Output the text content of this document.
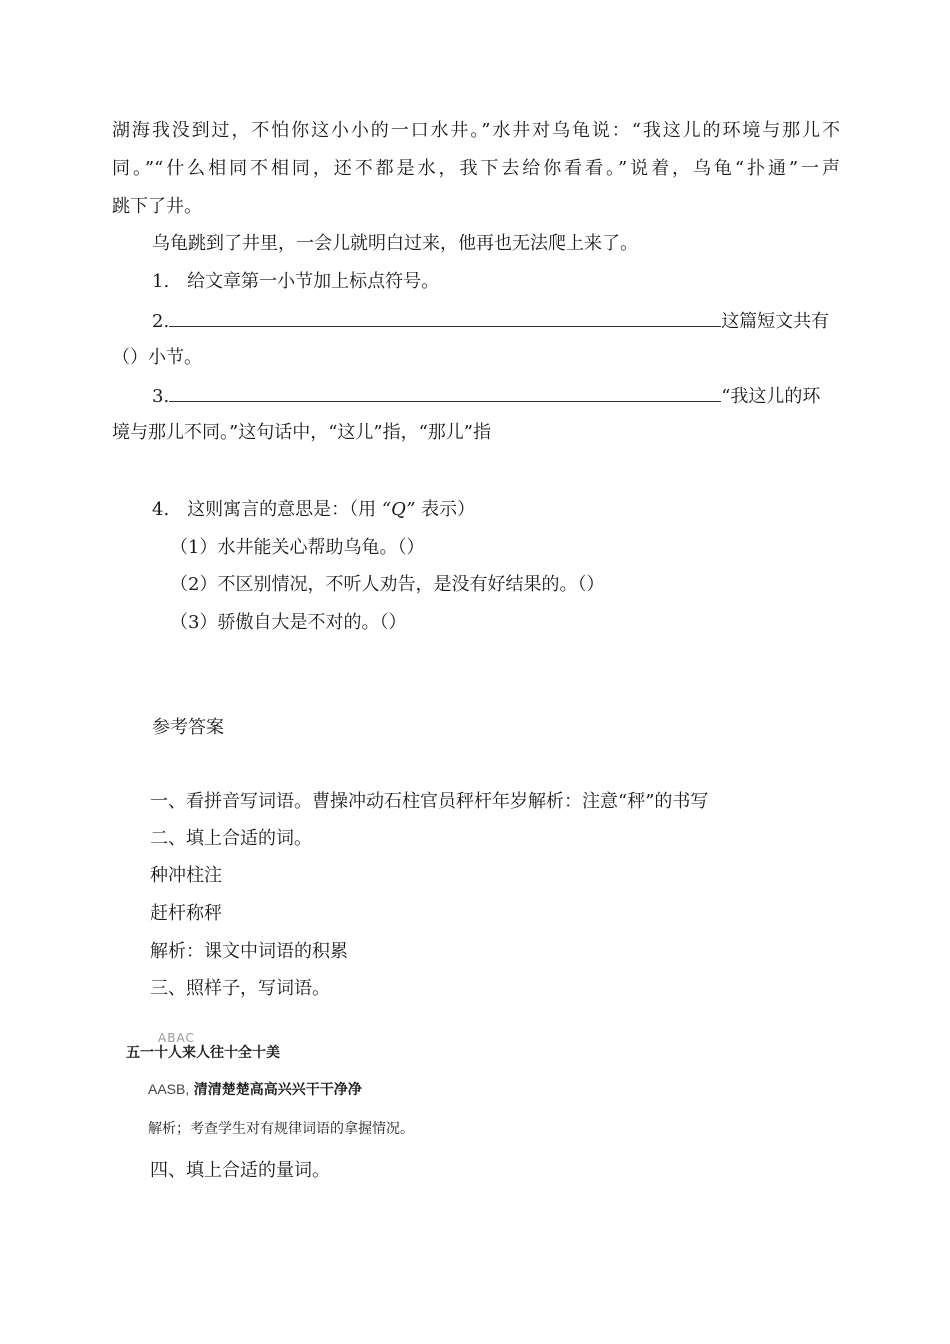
湖海我没到过，不怕你这小小的一口水井。”水井对乌龟说：“我这儿的环境与那儿不
同。”“什么相同不相同，还不都是水，我下去给你看看。”说着，乌龟“扑通”一声
跳下了井。
乌龟跳到了井里，一会儿就明白过来，他再也无法爬上来了。
1.　给文章第一小节加上标点符号。
2.	这篇短文共有
（）小节。
3.	“我这儿的环
境与那儿不同。”这句话中，“这儿”指，“那儿”指
4.　这则寓言的意思是：（用 “Q” 表示）
（1）水井能关心帮助乌龟。（）
（2）不区别情况，不听人劝告，是没有好结果的。（）
（3）骄傲自大是不对的。（）
参考答案
一、看拼音写词语。曹操冲动石柱官员秤杆年岁解析：注意“秤”的书写
二、填上合适的词。
种冲柱注
赶杆称秤
解析：课文中词语的积累
三、照样子，写词语。
ABAC
五一十人来人往十全十美
AASB, 清清楚楚高高兴兴干干净净
解析；考查学生对有规律词语的拿握情况。
四、填上合适的量词。
